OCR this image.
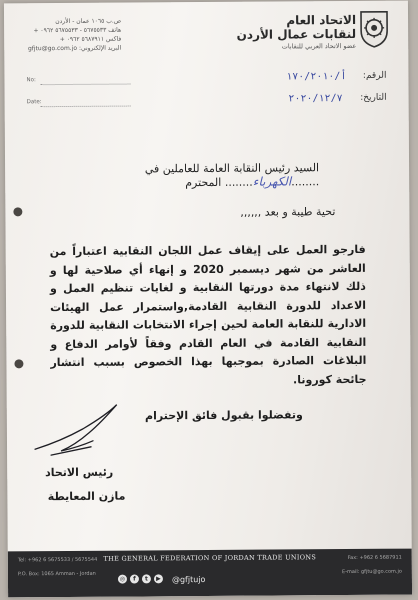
الاتحاد العام
لنقابات عمال الأردن
عضو الاتحاد العربي للنقابات
ص.ب ١٠٦٥ عمان - الأردن
هاتف ٥٦٧٥٥٣٣ - ٥٦٧٥٥٣٣ ٠٩٦٢ +
فاكس ٥٦٨٧٩١١ ٠٩٦٢ +
البريد الإلكتروني: gfjtu@go.com.jo
No:
Date:
الرقم:
أ/١٧٠/٢٠١٠
التاريخ:
٢٠٢٠/١٢/٧
السيد رئيس النقابة العامة للعاملين في ........الكهرباء........ المحترم
تحية طيبة و بعد ,,,,,,
فارجو العمل على إيقاف عمل اللجان النقابية اعتباراً من العاشر من شهر ديسمبر 2020 و إنهاء أي صلاحية لها و ذلك لانتهاء مدة دورتها النقابية و لغايات تنظيم العمل و الاعداد للدورة النقابية القادمة,واستمرار عمل الهيئات الادارية للنقابة العامة لحين إجراء الانتخابات النقابية للدورة النقابية القادمة في العام القادم وفقاً لأوامر الدفاع و البلاغات الصادرة بموجبها بهذا الخصوص بسبب انتشار جائحة كورونا.
وتفضلوا بقبول فائق الإحترام
رئيس الاتحاد
مازن المعايطة
THE GENERAL FEDERATION OF JORDAN TRADE UNIONS
Tel: +962 6 5675533 / 5675544
P.O. Box: 1065 Amman - Jordan
Fax: +962 6 5687911
E-mail: gfjtu@go.com.jo
◎	f	t	▶ @gfjtujo
